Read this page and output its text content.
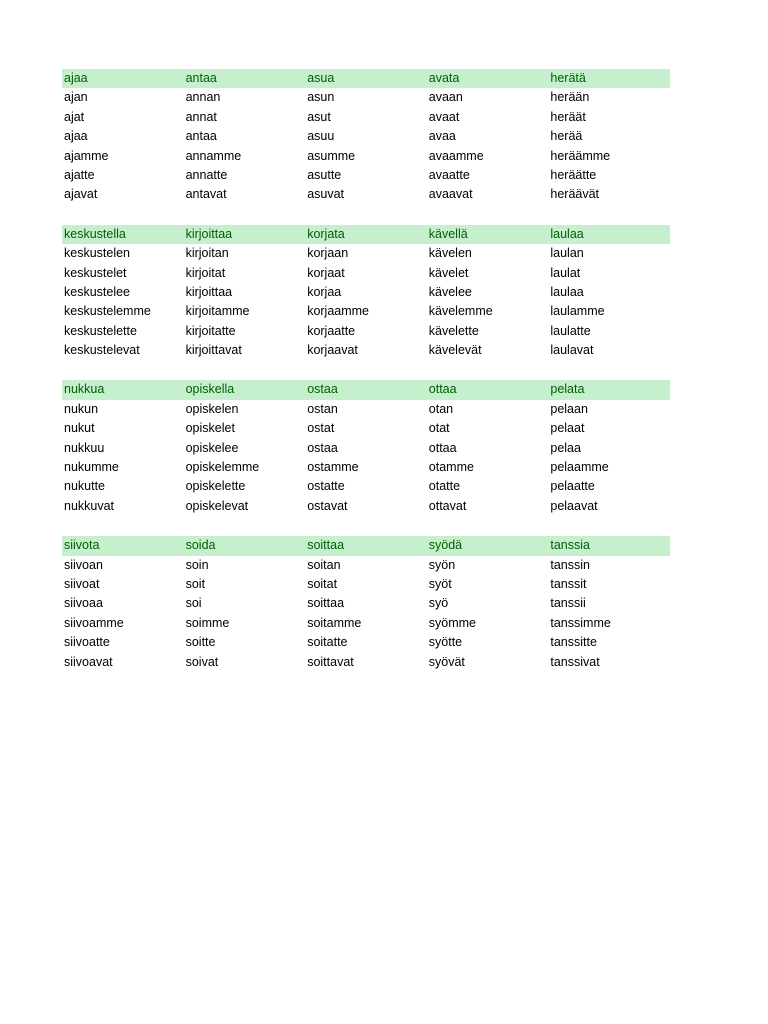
ajaa	antaa	asua	avata	herätä
ajan	annan	asun	avaan	herään
ajat	annat	asut	avaat	heräät
ajaa	antaa	asuu	avaa	herää
ajamme	annamme	asumme	avaamme	heräämme
ajatte	annatte	asutte	avaatte	heräätte
ajavat	antavat	asuvat	avaavat	heräävät
keskustella	kirjoittaa	korjata	kävellä	laulaa
keskustelen	kirjoitan	korjaan	kävelen	laulan
keskustelet	kirjoitat	korjaat	kävelet	laulat
keskustelee	kirjoittaa	korjaa	kävelee	laulaa
keskustelemme	kirjoitamme	korjaamme	kävelemme	laulamme
keskustelette	kirjoitatte	korjaatte	kävelette	laulatte
keskustelevat	kirjoittavat	korjaavat	kävelevät	laulavat
nukkua	opiskella	ostaa	ottaa	pelata
nukun	opiskelen	ostan	otan	pelaan
nukut	opiskelet	ostat	otat	pelaat
nukkuu	opiskelee	ostaa	ottaa	pelaa
nukumme	opiskelemme	ostamme	otamme	pelaamme
nukutte	opiskelette	ostatte	otatte	pelaatte
nukkuvat	opiskelevat	ostavat	ottavat	pelaavat
siivota	soida	soittaa	syödä	tanssia
siivoan	soin	soitan	syön	tanssin
siivoat	soit	soitat	syöt	tanssit
siivoaa	soi	soittaa	syö	tanssii
siivoamme	soimme	soitamme	syömme	tanssimme
siivoatte	soitte	soitatte	syötte	tanssitte
siivoavat	soivat	soittavat	syövät	tanssivat
